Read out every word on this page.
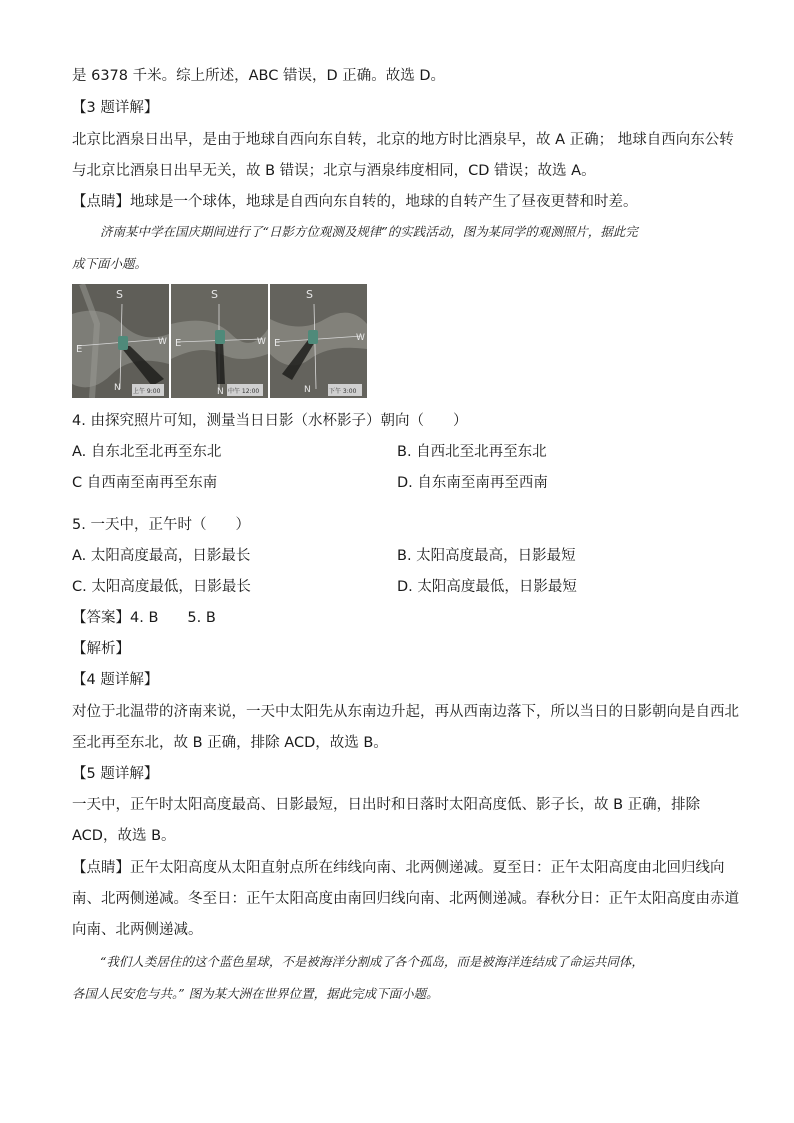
是 6378 千米。综上所述，ABC 错误，D 正确。故选 D。
【3 题详解】
北京比酒泉日出早，是由于地球自西向东自转，北京的地方时比酒泉早，故 A 正确； 地球自西向东公转
与北京比酒泉日出早无关，故 B 错误；北京与酒泉纬度相同，CD 错误；故选 A。
【点睛】地球是一个球体，地球是自西向东自转的，地球的自转产生了昼夜更替和时差。
济南某中学在国庆期间进行了“日影方位观测及规律”的实践活动，图为某同学的观测照片，据此完
成下面小题。
S
E
W
N 上午 9:00
S
E	W
N 中午 12:00
S
E	W
N	下午 3:00
4. 由探究照片可知，测量当日日影（水杯影子）朝向（　　）
A. 自东北至北再至东北	B. 自西北至北再至东北
C 自西南至南再至东南	D. 自东南至南再至西南
5. 一天中，正午时（　　）
A. 太阳高度最高，日影最长	B. 太阳高度最高，日影最短
C. 太阳高度最低，日影最长	D. 太阳高度最低，日影最短
【答案】4. B　　5. B
【解析】
【4 题详解】
对位于北温带的济南来说，一天中太阳先从东南边升起，再从西南边落下，所以当日的日影朝向是自西北
至北再至东北，故 B 正确，排除 ACD，故选 B。
【5 题详解】
一天中，正午时太阳高度最高、日影最短，日出时和日落时太阳高度低、影子长，故 B 正确，排除
ACD，故选 B。
【点睛】正午太阳高度从太阳直射点所在纬线向南、北两侧递减。夏至日：正午太阳高度由北回归线向
南、北两侧递减。冬至日：正午太阳高度由南回归线向南、北两侧递减。春秋分日：正午太阳高度由赤道
向南、北两侧递减。
“我们人类居住的这个蓝色星球，不是被海洋分割成了各个孤岛，而是被海洋连结成了命运共同体，
各国人民安危与共。” 图为某大洲在世界位置，据此完成下面小题。
